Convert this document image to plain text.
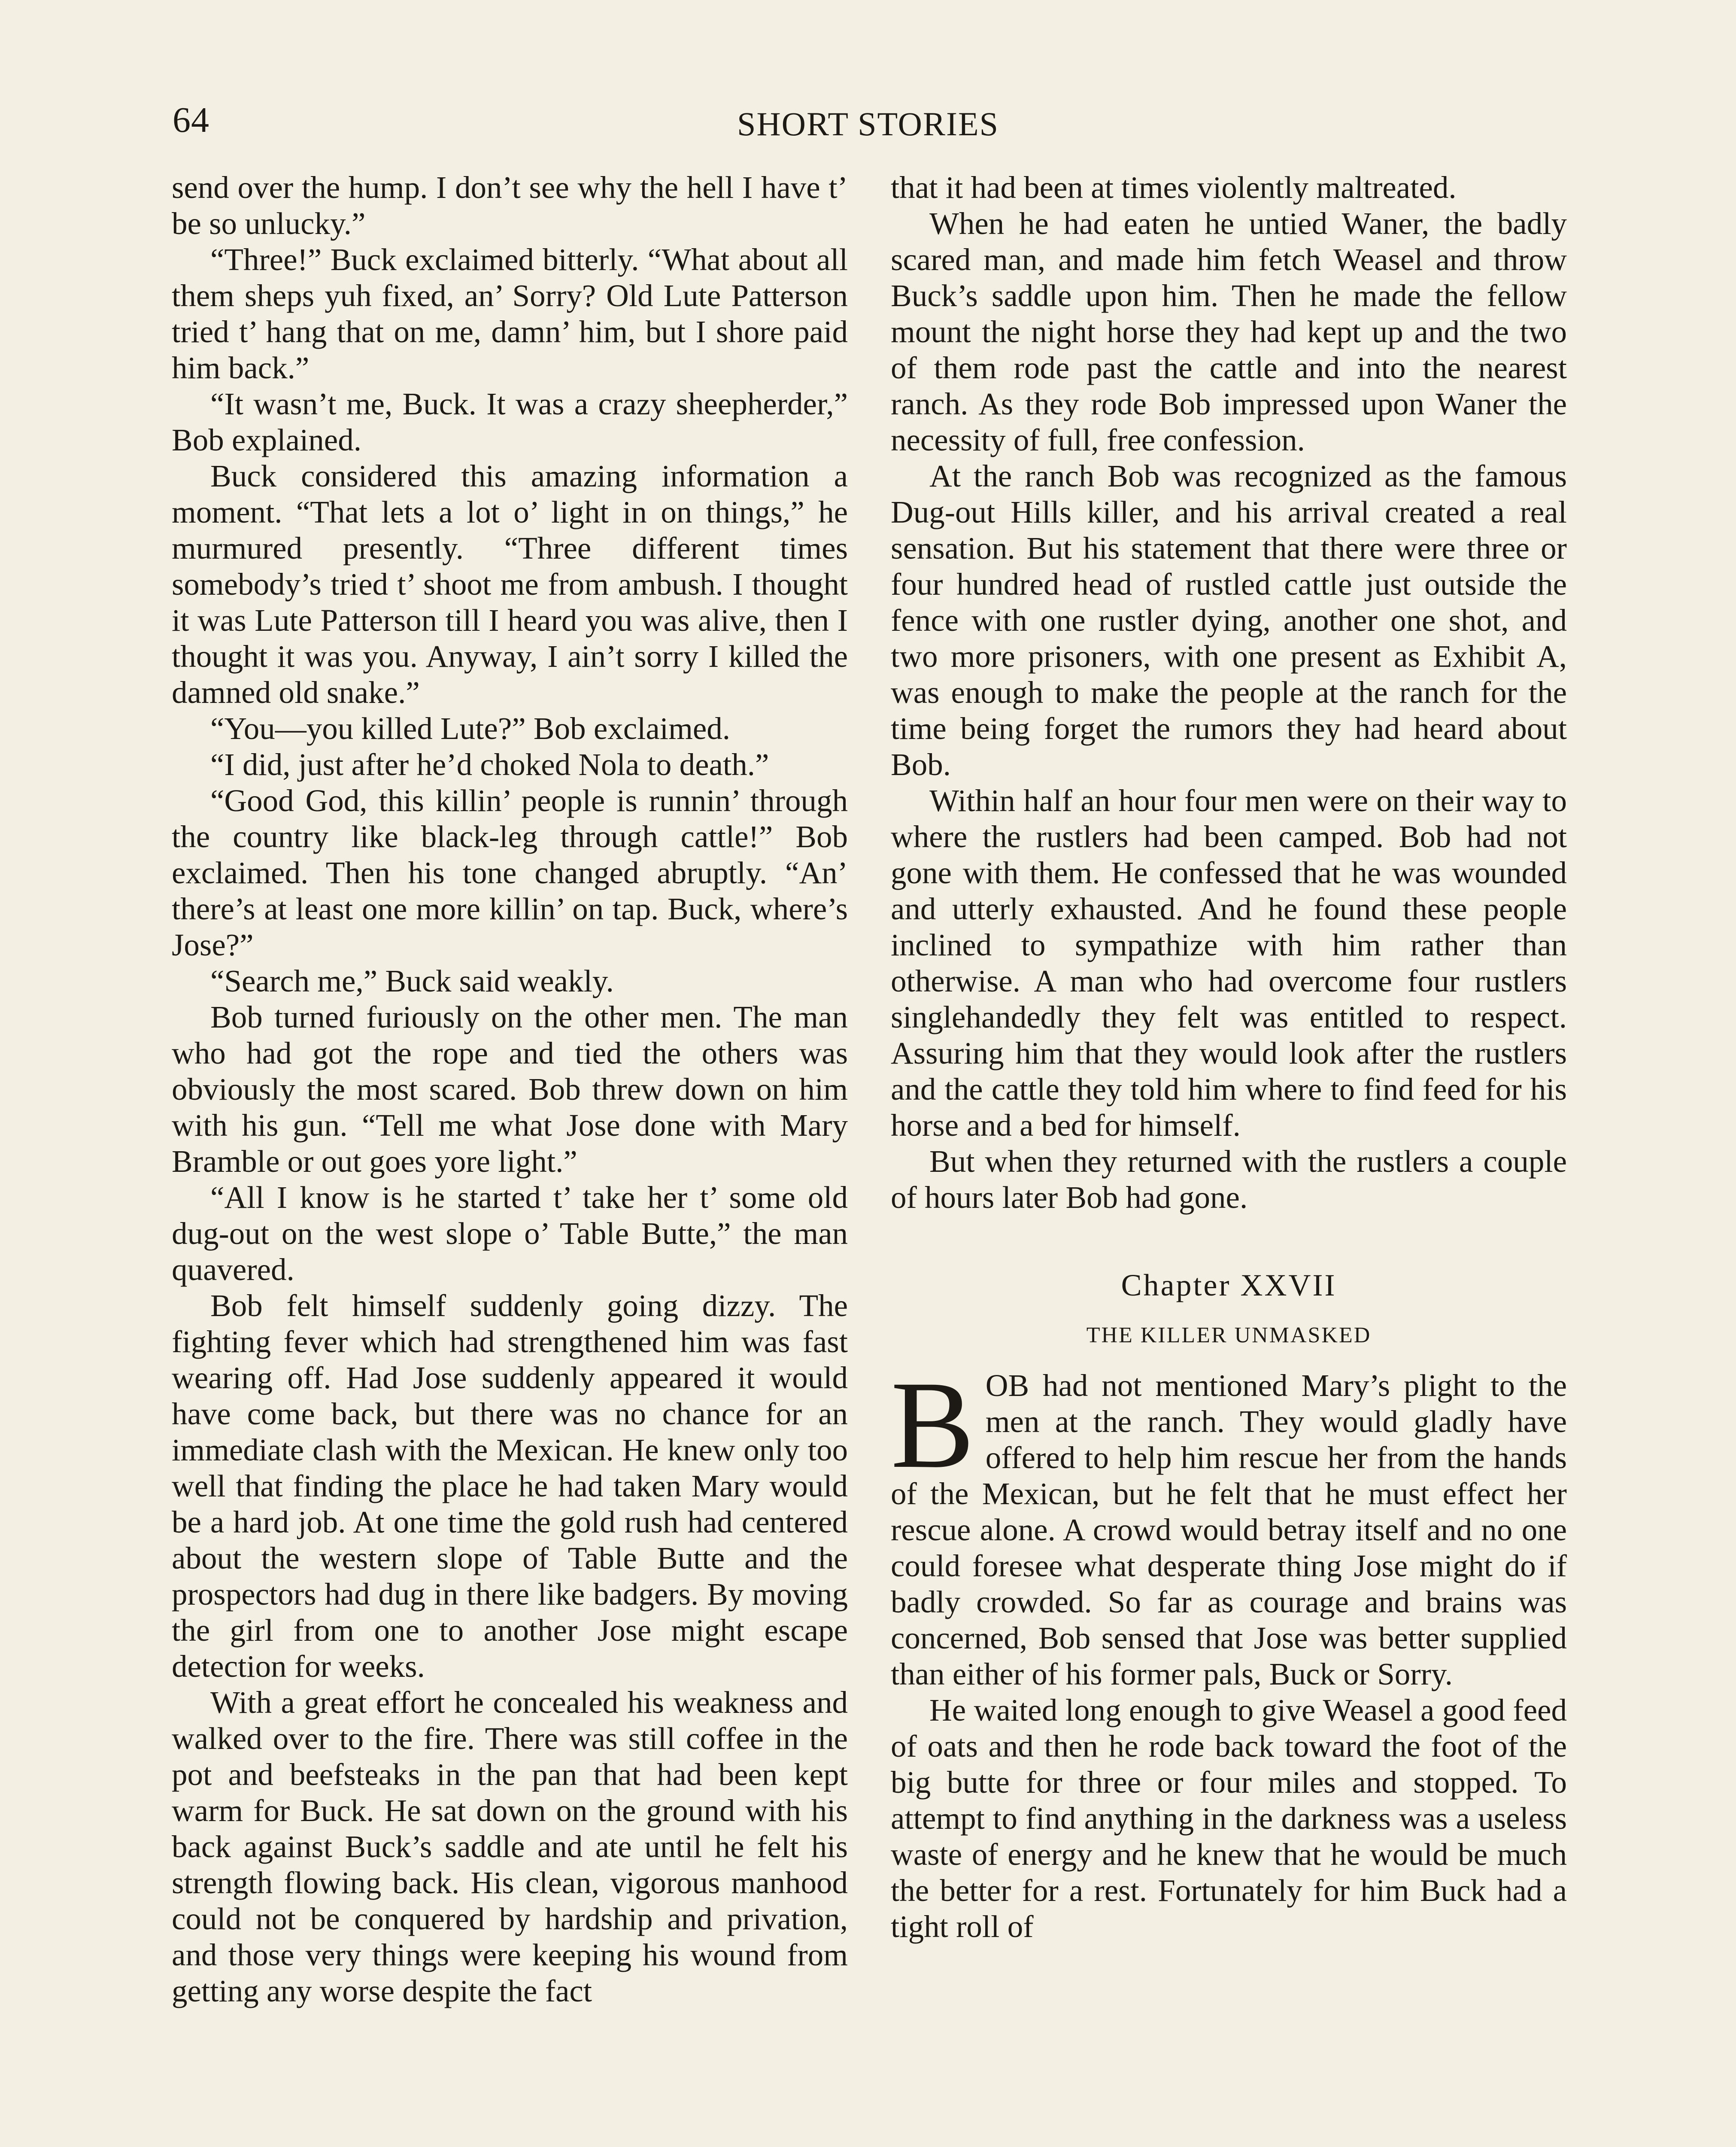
64	SHORT STORIES

send over the hump. I don’t see why the hell I have t’ be so unlucky.”

“Three!” Buck exclaimed bitterly. “What about all them sheps yuh fixed, an’ Sorry? Old Lute Patterson tried t’ hang that on me, damn’ him, but I shore paid him back.”

“It wasn’t me, Buck. It was a crazy sheepherder,” Bob explained.

Buck considered this amazing information a moment. “That lets a lot o’ light in on things,” he murmured presently. “Three different times somebody’s tried t’ shoot me from ambush. I thought it was Lute Patterson till I heard you was alive, then I thought it was you. Anyway, I ain’t sorry I killed the damned old snake.”

“You—you killed Lute?” Bob exclaimed.

“I did, just after he’d choked Nola to death.”

“Good God, this killin’ people is runnin’ through the country like black-leg through cattle!” Bob exclaimed. Then his tone changed abruptly. “An’ there’s at least one more killin’ on tap. Buck, where’s Jose?”

“Search me,” Buck said weakly.

Bob turned furiously on the other men. The man who had got the rope and tied the others was obviously the most scared. Bob threw down on him with his gun. “Tell me what Jose done with Mary Bramble or out goes yore light.”

“All I know is he started t’ take her t’ some old dug-out on the west slope o’ Table Butte,” the man quavered.

Bob felt himself suddenly going dizzy. The fighting fever which had strengthened him was fast wearing off. Had Jose suddenly appeared it would have come back, but there was no chance for an immediate clash with the Mexican. He knew only too well that finding the place he had taken Mary would be a hard job. At one time the gold rush had centered about the western slope of Table Butte and the prospectors had dug in there like badgers. By moving the girl from one to another Jose might escape detection for weeks.

With a great effort he concealed his weakness and walked over to the fire. There was still coffee in the pot and beefsteaks in the pan that had been kept warm for Buck. He sat down on the ground with his back against Buck’s saddle and ate until he felt his strength flowing back. His clean, vigorous manhood could not be conquered by hardship and privation, and those very things were keeping his wound from getting any worse despite the fact

that it had been at times violently maltreated.

When he had eaten he untied Waner, the badly scared man, and made him fetch Weasel and throw Buck’s saddle upon him. Then he made the fellow mount the night horse they had kept up and the two of them rode past the cattle and into the nearest ranch. As they rode Bob impressed upon Waner the necessity of full, free confession.

At the ranch Bob was recognized as the famous Dug-out Hills killer, and his arrival created a real sensation. But his statement that there were three or four hundred head of rustled cattle just outside the fence with one rustler dying, another one shot, and two more prisoners, with one present as Exhibit A, was enough to make the people at the ranch for the time being forget the rumors they had heard about Bob.

Within half an hour four men were on their way to where the rustlers had been camped. Bob had not gone with them. He confessed that he was wounded and utterly exhausted. And he found these people inclined to sympathize with him rather than otherwise. A man who had overcome four rustlers singlehandedly they felt was entitled to respect. Assuring him that they would look after the rustlers and the cattle they told him where to find feed for his horse and a bed for himself.

But when they returned with the rustlers a couple of hours later Bob had gone.

Chapter XXVII
THE KILLER UNMASKED

BOB had not mentioned Mary’s plight to the men at the ranch. They would gladly have offered to help him rescue her from the hands of the Mexican, but he felt that he must effect her rescue alone. A crowd would betray itself and no one could foresee what desperate thing Jose might do if badly crowded. So far as courage and brains was concerned, Bob sensed that Jose was better supplied than either of his former pals, Buck or Sorry.

He waited long enough to give Weasel a good feed of oats and then he rode back toward the foot of the big butte for three or four miles and stopped. To attempt to find anything in the darkness was a useless waste of energy and he knew that he would be much the better for a rest. Fortunately for him Buck had a tight roll of
